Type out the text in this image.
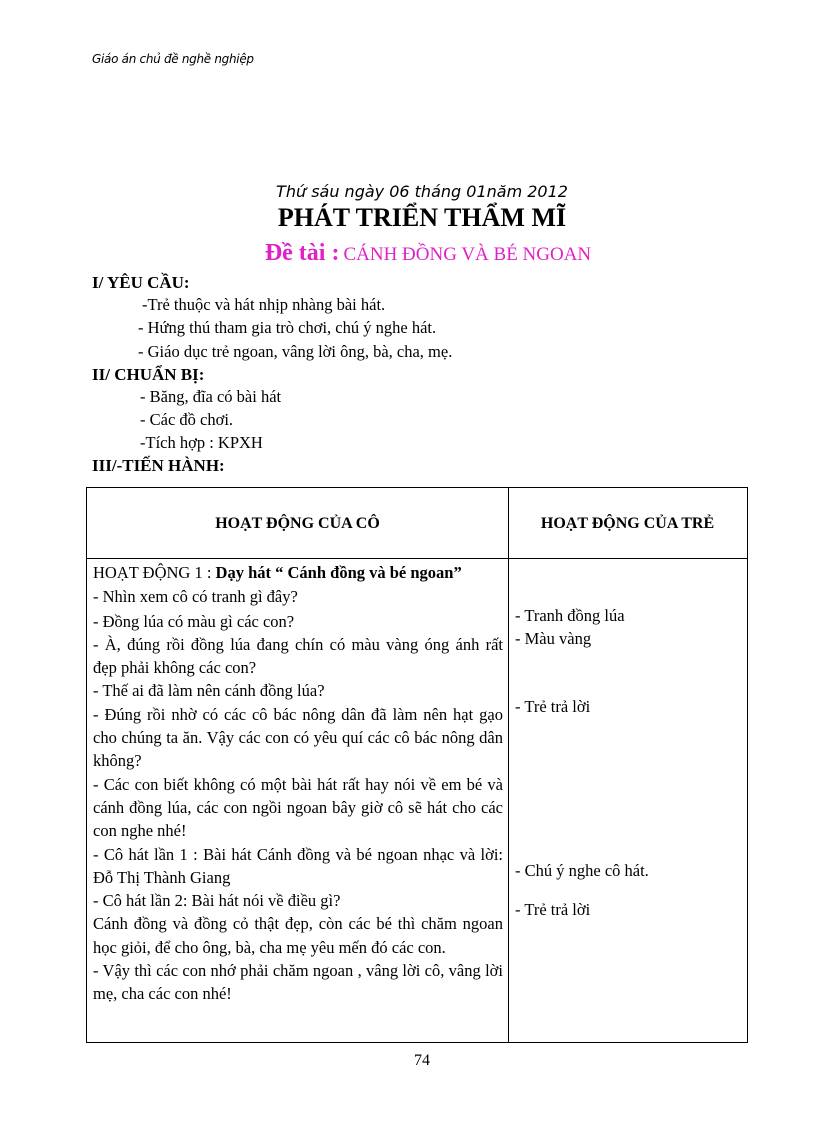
Giáo án chủ đề nghề nghiệp
Thứ sáu ngày 06 tháng 01năm 2012
PHÁT TRIỂN THẨM MĨ
Đề tài : CÁNH ĐỒNG VÀ BÉ NGOAN
I/ YÊU CẦU:
-Trẻ thuộc và hát nhịp nhàng bài hát.
- Hứng thú tham gia trò chơi, chú ý nghe hát.
- Giáo dục trẻ ngoan, vâng lời ông, bà, cha, mẹ.
II/ CHUẨN BỊ:
- Băng, đĩa có bài hát
- Các đồ chơi.
-Tích hợp : KPXH
III/-TIẾN HÀNH:
HOẠT ĐỘNG CỦA CÔ	HOẠT ĐỘNG CỦA TRẺ

HOẠT ĐỘNG 1 : Dạy hát “ Cánh đồng và bé ngoan”

- Nhìn xem cô có tranh gì đây?

- Đồng lúa có màu gì các con?

- À, đúng rồi đồng lúa đang chín có màu vàng óng ánh rất đẹp phải không các con?

- Thế ai đã làm nên cánh đồng lúa?

- Đúng rồi nhờ có các cô bác nông dân đã làm nên hạt gạo cho chúng ta ăn. Vậy các con có yêu quí các cô bác nông dân không?

- Các con biết không có một bài hát rất hay nói về em bé và cánh đồng lúa, các con ngồi ngoan bây giờ cô sẽ hát cho các con nghe nhé!

- Cô hát lần 1 : Bài hát Cánh đồng và bé ngoan nhạc và lời: Đỗ Thị Thành Giang

- Cô hát lần 2: Bài hát nói về điều gì?

Cánh đồng và đồng cỏ thật đẹp, còn các bé thì chăm ngoan học giỏi, để cho ông, bà, cha mẹ yêu mến đó các con.

- Vậy thì các con nhớ phải chăm ngoan , vâng lời cô, vâng lời mẹ, cha các con nhé!

- Tranh đồng lúa
- Màu vàng
- Trẻ trả lời
- Chú ý nghe cô hát.
- Trẻ trả lời
74
